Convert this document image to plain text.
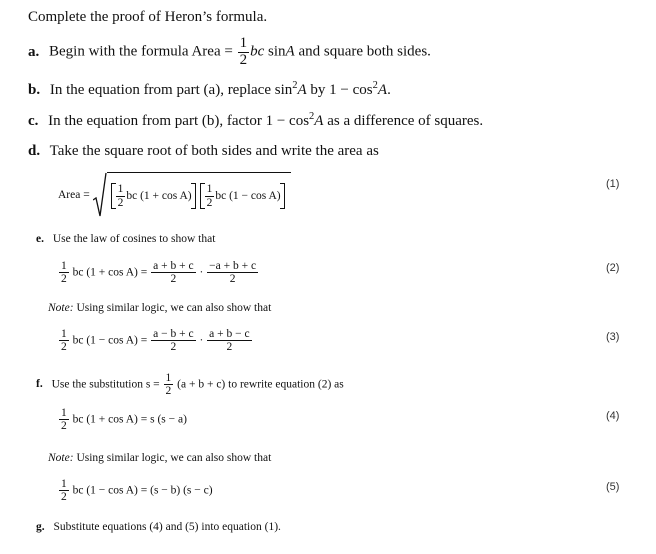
Complete the proof of Heron’s formula.
a. Begin with the formula Area = $\frac{1}{2}$ bc sinA and square both sides.
b. In the equation from part (a), replace $\sin^2A$ by $1 - \cos^2A$.
c. In the equation from part (b), factor $1 - \cos^2A$ as a difference of squares.
d. Take the square root of both sides and write the area as
Area = $\frac{1}{2}$ bc $(1 + \cos A) \frac{1}{2}$ bc (1 − cos A)
(1)
e. Use the law of cosines to show that
$\frac{1}{2}$ bc $(1 + \cos A) = \frac{a + b + c}{2} \cdot \frac{-a + b + c}{2}$	(2)
Note: Using similar logic, we can also show that
$\frac{1}{2}$ bc $(1 - \cos A) = \frac{a - b + c}{2} \cdot \frac{a + b - c}{2}$	(3)
f. Use the substitution $s = \frac{1}{2} (a + b + c)$ to rewrite equation (2) as
$\frac{1}{2}$ bc (1 + cos A) = s (s − a)	(4)
Note: Using similar logic, we can also show that
$\frac{1}{2}$ bc (1 − cos A) = (s − b) (s − c)	(5)
g. Substitute equations (4) and (5) into equation (1).
